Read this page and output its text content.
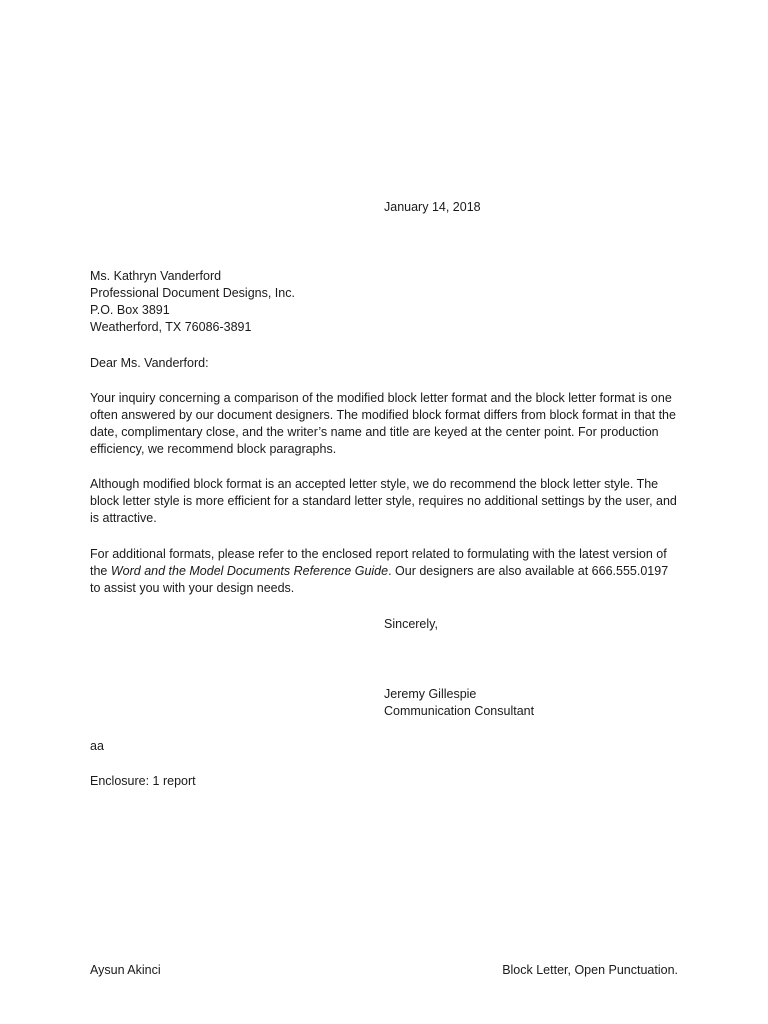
January 14, 2018

Ms. Kathryn Vanderford

Professional Document Designs, Inc.

P.O. Box 3891

Weatherford, TX 76086-3891

Dear Ms. Vanderford:

Your inquiry concerning a comparison of the modified block letter format and the block letter format is one often answered by our document designers. The modified block format differs from block format in that the date, complimentary close, and the writer’s name and title are keyed at the center point. For production efficiency, we recommend block paragraphs.

Although modified block format is an accepted letter style, we do recommend the block letter style. The block letter style is more efficient for a standard letter style, requires no additional settings by the user, and is attractive.

For additional formats, please refer to the enclosed report related to formulating with the latest version of the Word and the Model Documents Reference Guide. Our designers are also available at 666.555.0197 to assist you with your design needs.

Sincerely,

Jeremy Gillespie

Communication Consultant

aa

Enclosure: 1 report

Aysun Akinci	Block Letter, Open Punctuation.
